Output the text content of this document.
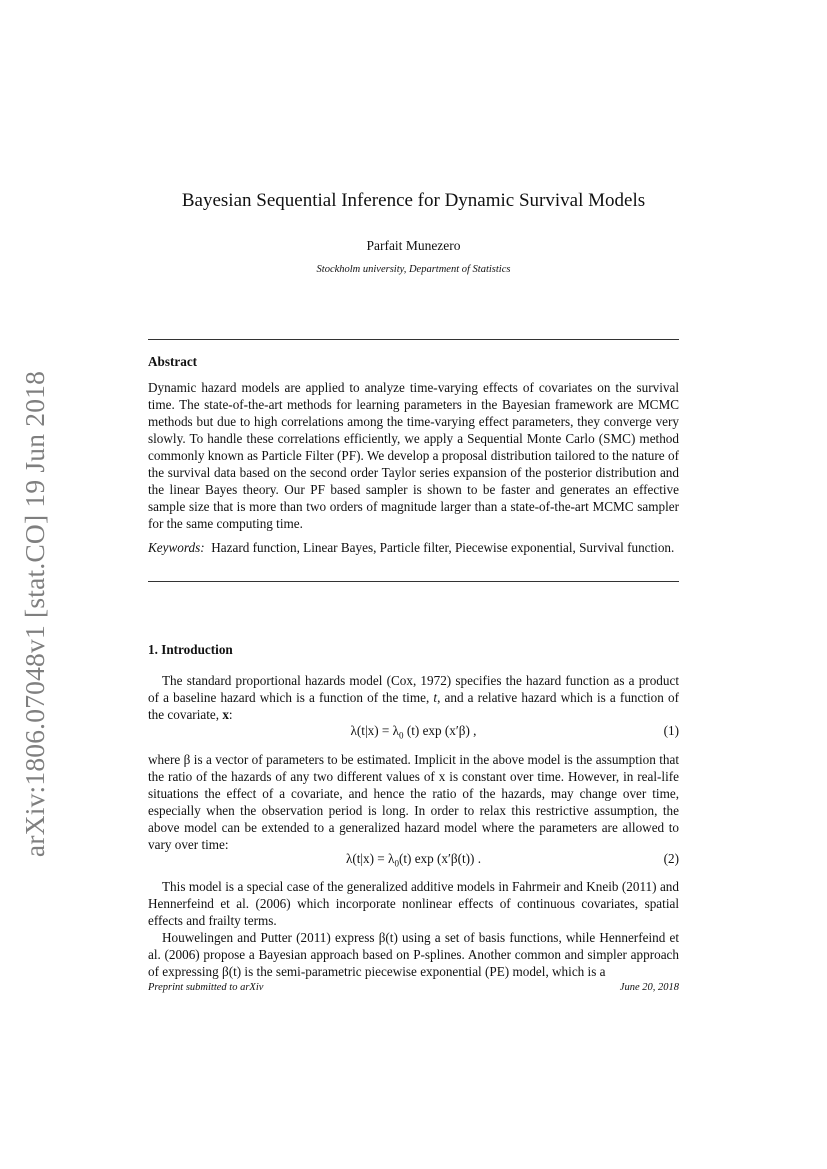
arXiv:1806.07048v1 [stat.CO] 19 Jun 2018
Bayesian Sequential Inference for Dynamic Survival Models
Parfait Munezero
Stockholm university, Department of Statistics
Abstract

Dynamic hazard models are applied to analyze time-varying effects of covariates on the survival time. The state-of-the-art methods for learning parameters in the Bayesian framework are MCMC methods but due to high correlations among the time-varying effect parameters, they converge very slowly. To handle these correlations efficiently, we apply a Sequential Monte Carlo (SMC) method commonly known as Particle Filter (PF). We develop a proposal distribution tailored to the nature of the survival data based on the second order Taylor series expansion of the posterior distribution and the linear Bayes theory. Our PF based sampler is shown to be faster and generates an effective sample size that is more than two orders of magnitude larger than a state-of-the-art MCMC sampler for the same computing time.

Keywords: Hazard function, Linear Bayes, Particle filter, Piecewise exponential, Survival function.

1. Introduction

The standard proportional hazards model (Cox, 1972) specifies the hazard function as a product of a baseline hazard which is a function of the time, t, and a relative hazard which is a function of the covariate, x:

$\lambda(t|x) = \lambda_0$ (t) exp (x′β) ,	(1)

where β is a vector of parameters to be estimated. Implicit in the above model is the assumption that the ratio of the hazards of any two different values of x is constant over time. However, in real-life situations the effect of a covariate, and hence the ratio of the hazards, may change over time, especially when the observation period is long. In order to relax this restrictive assumption, the above model can be extended to a generalized hazard model where the parameters are allowed to vary over time:

$\lambda(t|x) = \lambda_0(t)$ exp (x′β(t)) .	(2)

This model is a special case of the generalized additive models in Fahrmeir and Kneib (2011) and Hennerfeind et al. (2006) which incorporate nonlinear effects of continuous covariates, spatial effects and frailty terms.

Houwelingen and Putter (2011) express β(t) using a set of basis functions, while Hennerfeind et al. (2006) propose a Bayesian approach based on P-splines. Another common and simpler approach of expressing β(t) is the semi-parametric piecewise exponential (PE) model, which is a

Preprint submitted to arXiv	June 20, 2018
